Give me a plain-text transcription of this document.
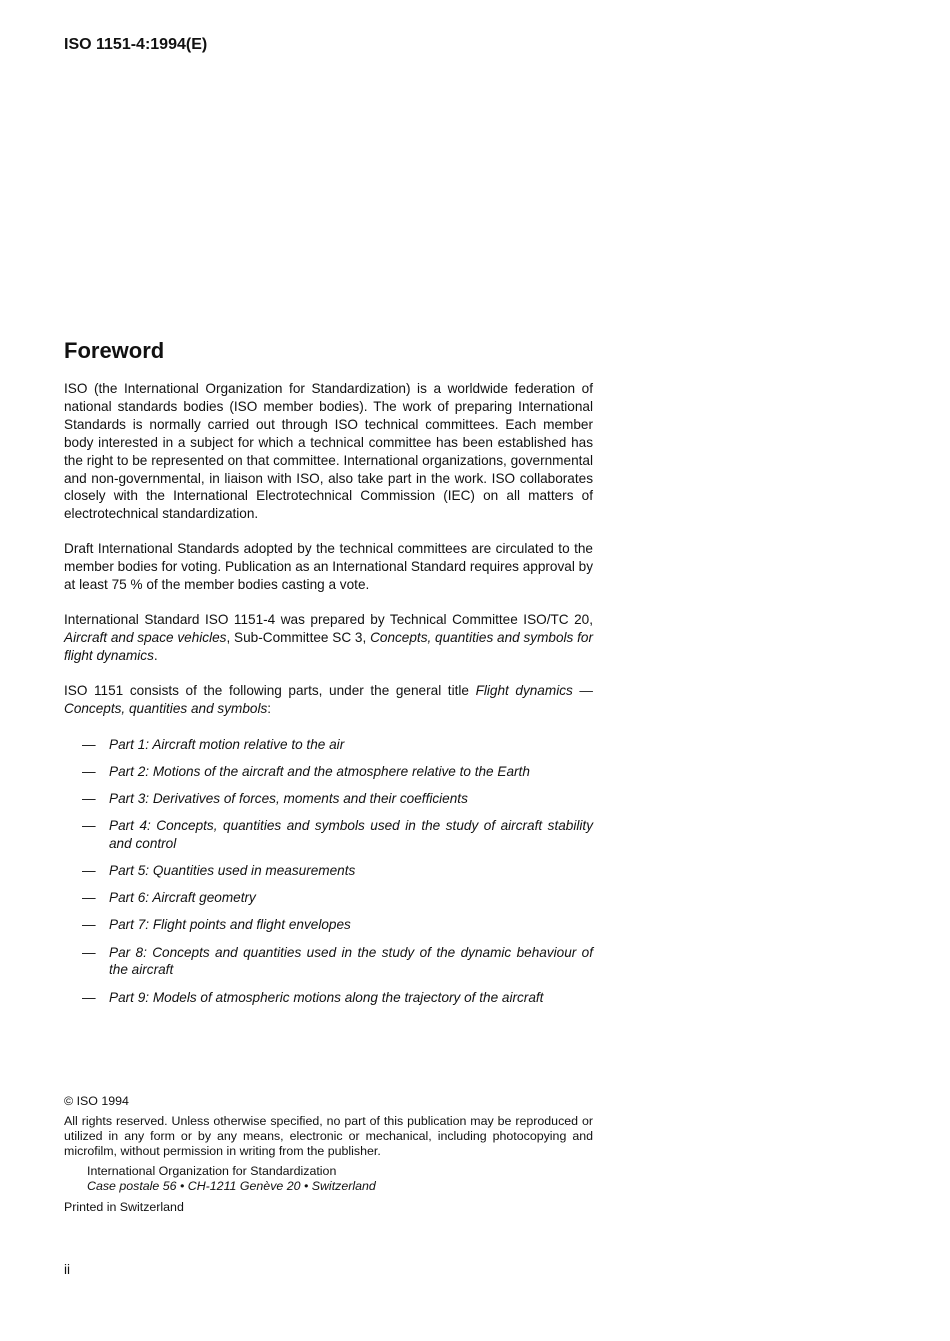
ISO 1151-4:1994(E)
Foreword
ISO (the International Organization for Standardization) is a worldwide federation of national standards bodies (ISO member bodies). The work of preparing International Standards is normally carried out through ISO technical committees. Each member body interested in a subject for which a technical committee has been established has the right to be represented on that committee. International organizations, governmental and non-governmental, in liaison with ISO, also take part in the work. ISO collaborates closely with the International Electrotechnical Commission (IEC) on all matters of electrotechnical standardization.
Draft International Standards adopted by the technical committees are circulated to the member bodies for voting. Publication as an International Standard requires approval by at least 75 % of the member bodies casting a vote.
International Standard ISO 1151-4 was prepared by Technical Committee ISO/TC 20, Aircraft and space vehicles, Sub-Committee SC 3, Concepts, quantities and symbols for flight dynamics.
ISO 1151 consists of the following parts, under the general title Flight dynamics — Concepts, quantities and symbols:
— Part 1: Aircraft motion relative to the air
— Part 2: Motions of the aircraft and the atmosphere relative to the Earth
— Part 3: Derivatives of forces, moments and their coefficients
— Part 4: Concepts, quantities and symbols used in the study of aircraft stability and control
— Part 5: Quantities used in measurements
— Part 6: Aircraft geometry
— Part 7: Flight points and flight envelopes
— Par 8: Concepts and quantities used in the study of the dynamic behaviour of the aircraft
— Part 9: Models of atmospheric motions along the trajectory of the aircraft

© ISO 1994

All rights reserved. Unless otherwise specified, no part of this publication may be reproduced or utilized in any form or by any means, electronic or mechanical, including photocopying and microfilm, without permission in writing from the publisher.

International Organization for Standardization

Case postale 56 • CH-1211 Genève 20 • Switzerland

Printed in Switzerland

ii
